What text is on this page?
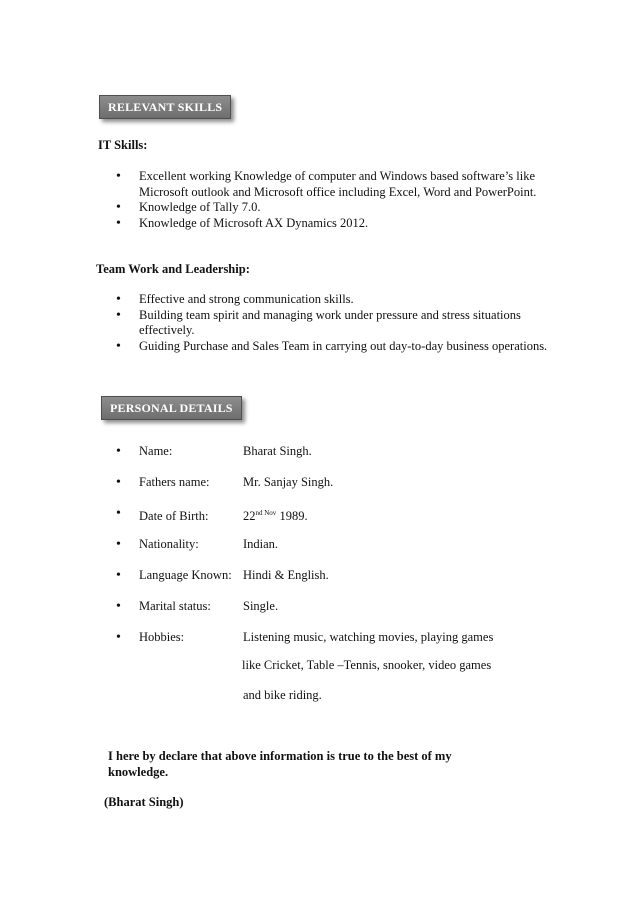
RELEVANT SKILLS
IT Skills:
• Excellent working Knowledge of computer and Windows based software’s like Microsoft outlook and Microsoft office including Excel, Word and PowerPoint.
• Knowledge of Tally 7.0.
• Knowledge of Microsoft AX Dynamics 2012.
Team Work and Leadership:
• Effective and strong communication skills.
• Building team spirit and managing work under pressure and stress situations effectively.
• Guiding Purchase and Sales Team in carrying out day-to-day business operations.
PERSONAL DETAILS
• Name:	Bharat Singh.
• Fathers name:	Mr. Sanjay Singh.
• Date of Birth:	$22^{nd Nov}$ 1989.
• Nationality:	Indian.
• Language Known: Hindi & English.
• Marital status:	Single.
• Hobbies:	Listening music, watching movies, playing games
like Cricket, Table –Tennis, snooker, video games
and bike riding.
I here by declare that above information is true to the best of my knowledge.
(Bharat Singh)
